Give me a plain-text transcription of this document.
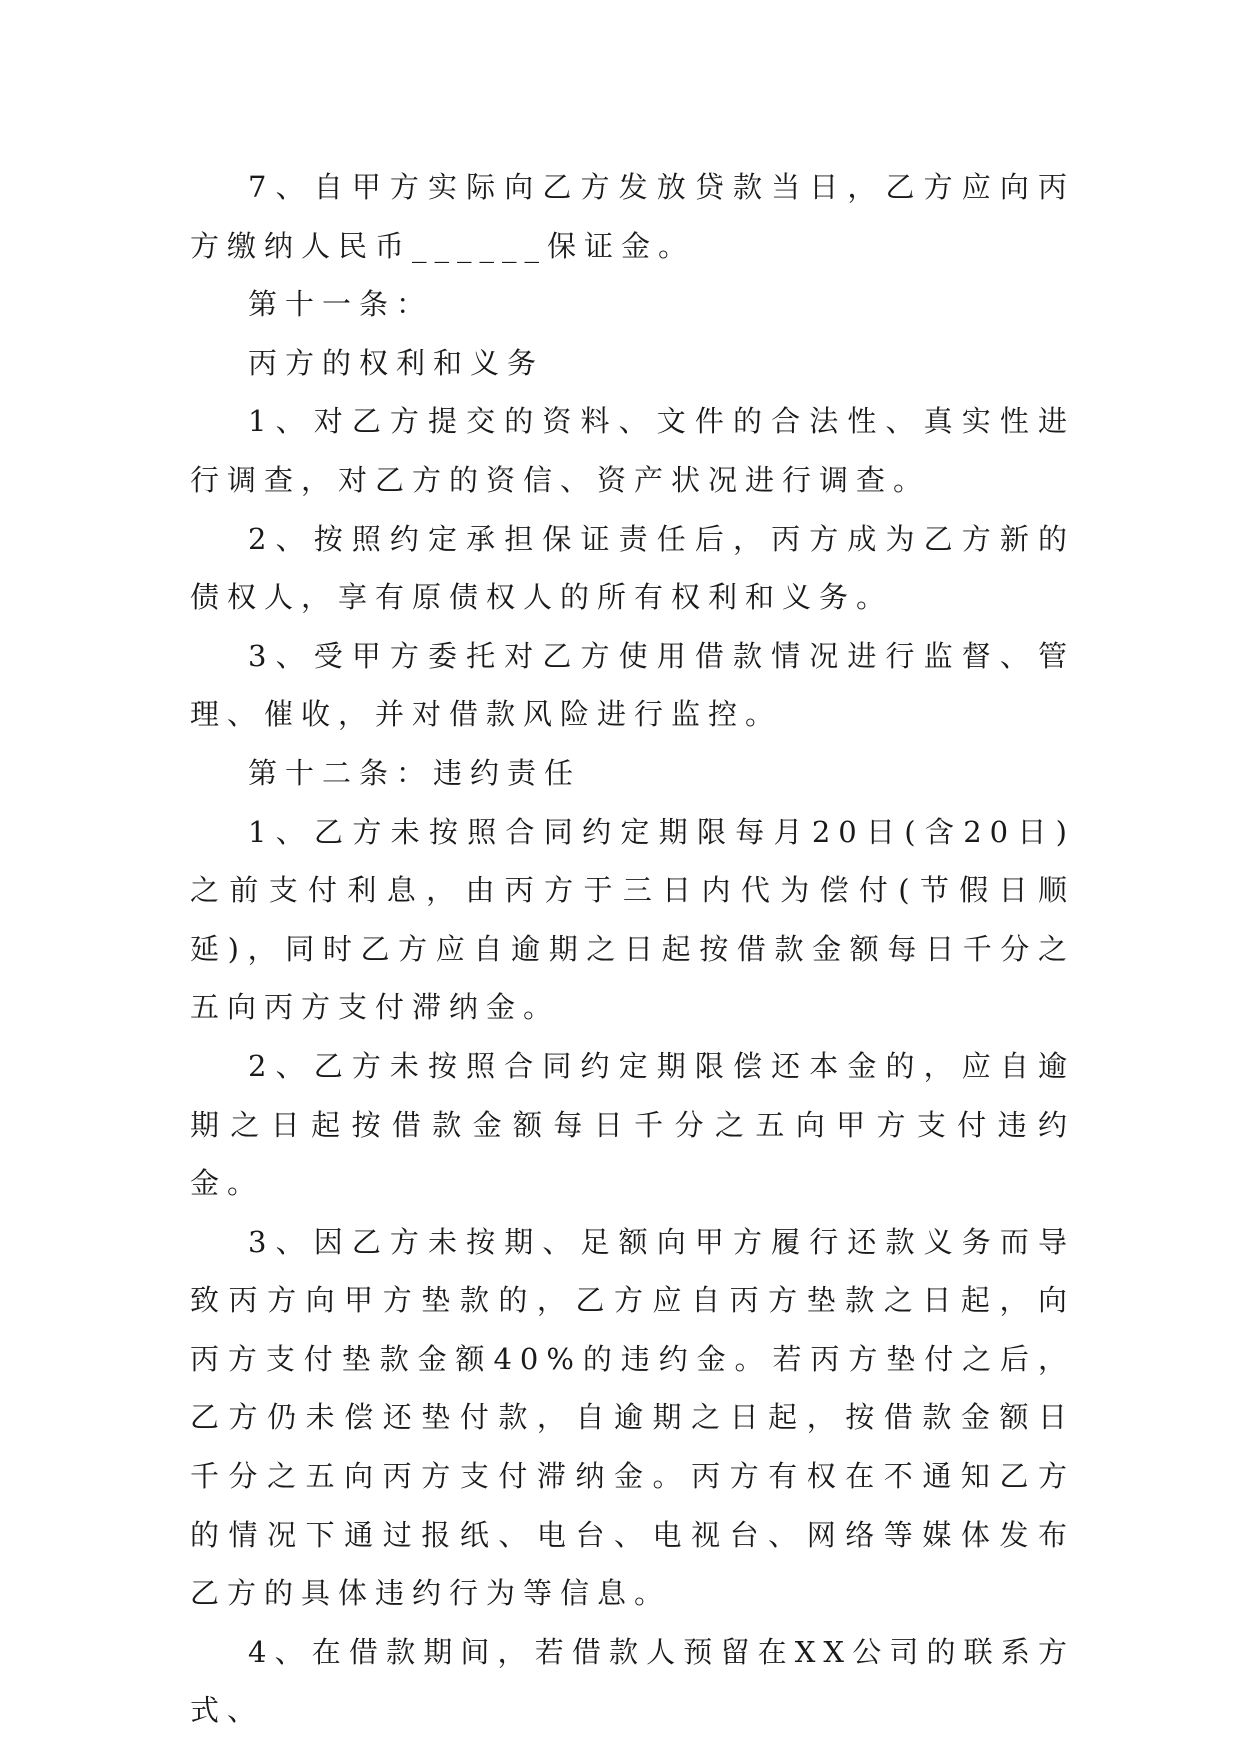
7、自甲方实际向乙方发放贷款当日，乙方应向丙方缴纳人民币______保证金。

第十一条：

丙方的权利和义务

1、对乙方提交的资料、文件的合法性、真实性进行调查，对乙方的资信、资产状况进行调查。

2、按照约定承担保证责任后，丙方成为乙方新的债权人，享有原债权人的所有权利和义务。

3、受甲方委托对乙方使用借款情况进行监督、管理、催收，并对借款风险进行监控。

第十二条：违约责任

1、乙方未按照合同约定期限每月20日(含20日)之前支付利息，由丙方于三日内代为偿付(节假日顺延)，同时乙方应自逾期之日起按借款金额每日千分之五向丙方支付滞纳金。

2、乙方未按照合同约定期限偿还本金的，应自逾期之日起按借款金额每日千分之五向甲方支付违约金。

3、因乙方未按期、足额向甲方履行还款义务而导致丙方向甲方垫款的，乙方应自丙方垫款之日起，向丙方支付垫款金额40%的违约金。若丙方垫付之后，乙方仍未偿还垫付款，自逾期之日起，按借款金额日千分之五向丙方支付滞纳金。丙方有权在不通知乙方的情况下通过报纸、电台、电视台、网络等媒体发布乙方的具体违约行为等信息。

4、在借款期间，若借款人预留在XX公司的联系方式、
